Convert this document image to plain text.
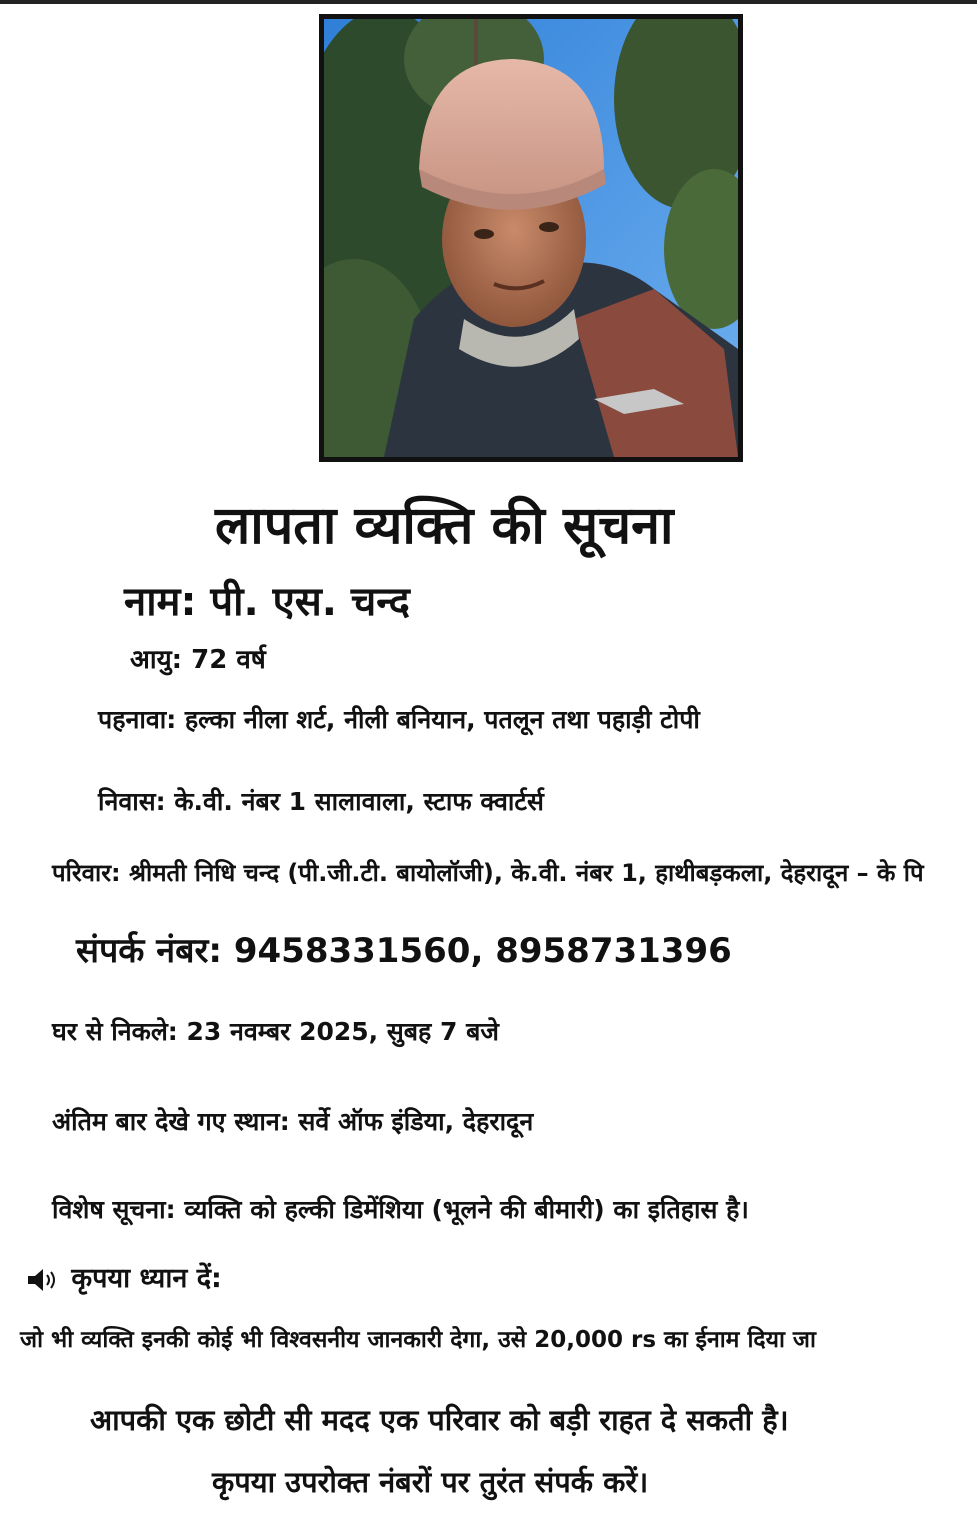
लापता व्यक्ति की सूचना
नाम: पी. एस. चन्द
आयु: 72 वर्ष
पहनावा: हल्का नीला शर्ट, नीली बनियान, पतलून तथा पहाड़ी टोपी
निवास: के.वी. नंबर 1 सालावाला, स्टाफ क्वार्टर्स
परिवार: श्रीमती निधि चन्द (पी.जी.टी. बायोलॉजी), के.वी. नंबर 1, हाथीबड़कला, देहरादून – के पि
संपर्क नंबर: 9458331560, 8958731396
घर से निकले: 23 नवम्बर 2025, सुबह 7 बजे
अंतिम बार देखे गए स्थान: सर्वे ऑफ इंडिया, देहरादून
विशेष सूचना: व्यक्ति को हल्की डिमेंशिया (भूलने की बीमारी) का इतिहास है।
कृपया ध्यान दें:
जो भी व्यक्ति इनकी कोई भी विश्वसनीय जानकारी देगा, उसे 20,000 rs का ईनाम दिया जा
आपकी एक छोटी सी मदद एक परिवार को बड़ी राहत दे सकती है।
कृपया उपरोक्त नंबरों पर तुरंत संपर्क करें।
